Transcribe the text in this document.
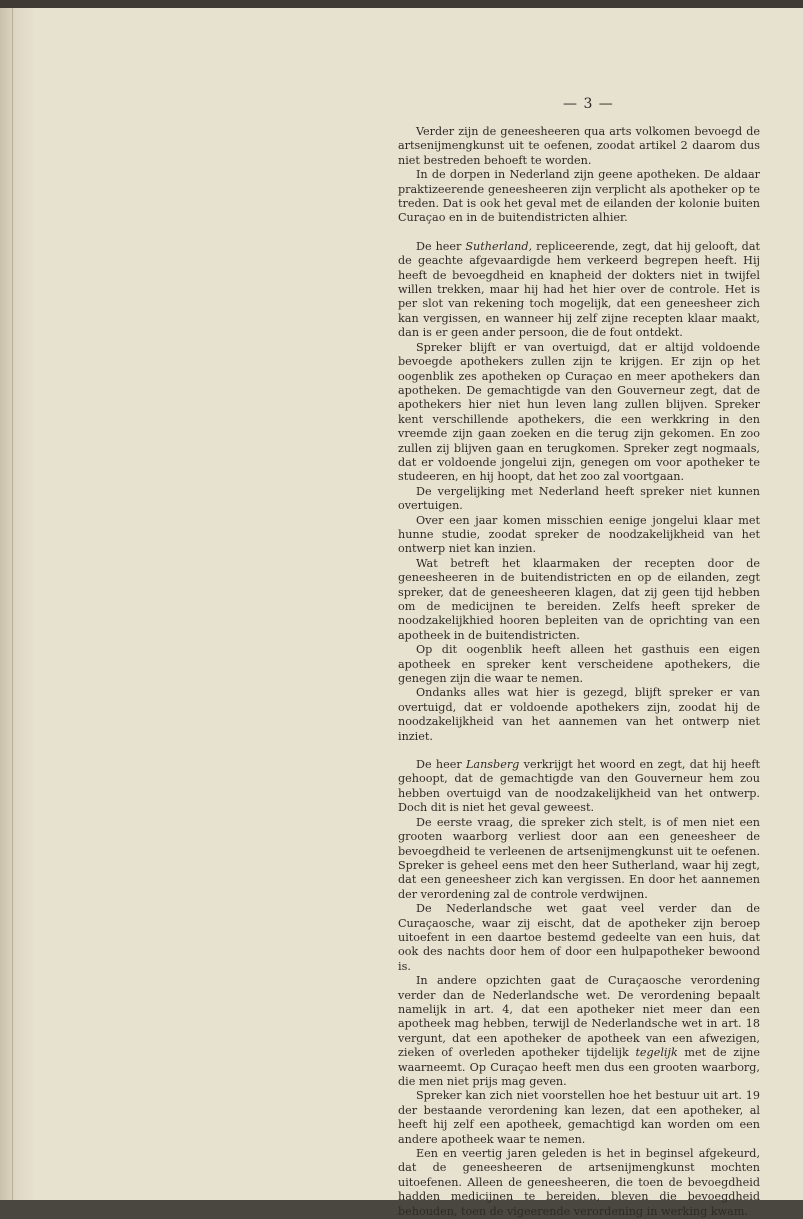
— 3 —

Verder zijn de geneesheeren qua arts volkomen bevoegd de artsenijmengkunst uit te oefenen, zoodat artikel 2 daarom dus niet bestreden behoeft te worden.

In de dorpen in Nederland zijn geene apotheken. De aldaar praktizeerende geneesheeren zijn verplicht als apotheker op te treden. Dat is ook het geval met de eilanden der kolonie buiten Curaçao en in de buitendistricten alhier.

De heer Sutherland, repliceerende, zegt, dat hij gelooft, dat de geachte afgevaardigde hem verkeerd begrepen heeft. Hij heeft de bevoegdheid en knapheid der dokters niet in twijfel willen trekken, maar hij had het hier over de controle. Het is per slot van rekening toch mogelijk, dat een geneesheer zich kan vergissen, en wanneer hij zelf zijne recepten klaar maakt, dan is er geen ander persoon, die de fout ontdekt.

Spreker blijft er van overtuigd, dat er altijd voldoende bevoegde apothekers zullen zijn te krijgen. Er zijn op het oogenblik zes apotheken op Curaçao en meer apothekers dan apotheken. De gemachtigde van den Gouverneur zegt, dat de apothekers hier niet hun leven lang zullen blijven. Spreker kent verschillende apothekers, die een werkkring in den vreemde zijn gaan zoeken en die terug zijn gekomen. En zoo zullen zij blijven gaan en terugkomen. Spreker zegt nogmaals, dat er voldoende jongelui zijn, genegen om voor apotheker te studeeren, en hij hoopt, dat het zoo zal voortgaan.

De vergelijking met Nederland heeft spreker niet kunnen overtuigen.

Over een jaar komen misschien eenige jongelui klaar met hunne studie, zoodat spreker de noodzakelijkheid van het ontwerp niet kan inzien.

Wat betreft het klaarmaken der recepten door de geneesheeren in de buitendistricten en op de eilanden, zegt spreker, dat de geneesheeren klagen, dat zij geen tijd hebben om de medicijnen te bereiden. Zelfs heeft spreker de noodzakelijkhied hooren bepleiten van de oprichting van een apotheek in de buitendistricten.

Op dit oogenblik heeft alleen het gasthuis een eigen apotheek en spreker kent verscheidene apothekers, die genegen zijn die waar te nemen.

Ondanks alles wat hier is gezegd, blijft spreker er van overtuigd, dat er voldoende apothekers zijn, zoodat hij de noodzakelijkheid van het aannemen van het ontwerp niet inziet.

De heer Lansberg verkrijgt het woord en zegt, dat hij heeft gehoopt, dat de gemachtigde van den Gouverneur hem zou hebben overtuigd van de noodzakelijkheid van het ontwerp. Doch dit is niet het geval geweest.

De eerste vraag, die spreker zich stelt, is of men niet een grooten waarborg verliest door aan een geneesheer de bevoegdheid te verleenen de artsenijmengkunst uit te oefenen. Spreker is geheel eens met den heer Sutherland, waar hij zegt, dat een geneesheer zich kan vergissen. En door het aannemen der verordening zal de controle verdwijnen.

De Nederlandsche wet gaat veel verder dan de Curaçaosche, waar zij eischt, dat de apotheker zijn beroep uitoefent in een daartoe bestemd gedeelte van een huis, dat ook des nachts door hem of door een hulpapotheker bewoond is.

In andere opzichten gaat de Curaçaosche verordening verder dan de Nederlandsche wet. De verordening bepaalt namelijk in art. 4, dat een apotheker niet meer dan een apotheek mag hebben, terwijl de Nederlandsche wet in art. 18 vergunt, dat een apotheker de apotheek van een afwezigen, zieken of overleden apotheker tijdelijk tegelijk met de zijne waarneemt. Op Curaçao heeft men dus een grooten waarborg, die men niet prijs mag geven.

Spreker kan zich niet voorstellen hoe het bestuur uit art. 19 der bestaande verordening kan lezen, dat een apotheker, al heeft hij zelf een apotheek, gemachtigd kan worden om een andere apotheek waar te nemen.

Een en veertig jaren geleden is het in beginsel afgekeurd, dat de geneesheeren de artsenijmengkunst mochten uitoefenen. Alleen de geneesheeren, die toen de bevoegdheid hadden medicijnen te bereiden, bleven die bevoegdheid behouden, toen de vigeerende verordening in werking kwam.
